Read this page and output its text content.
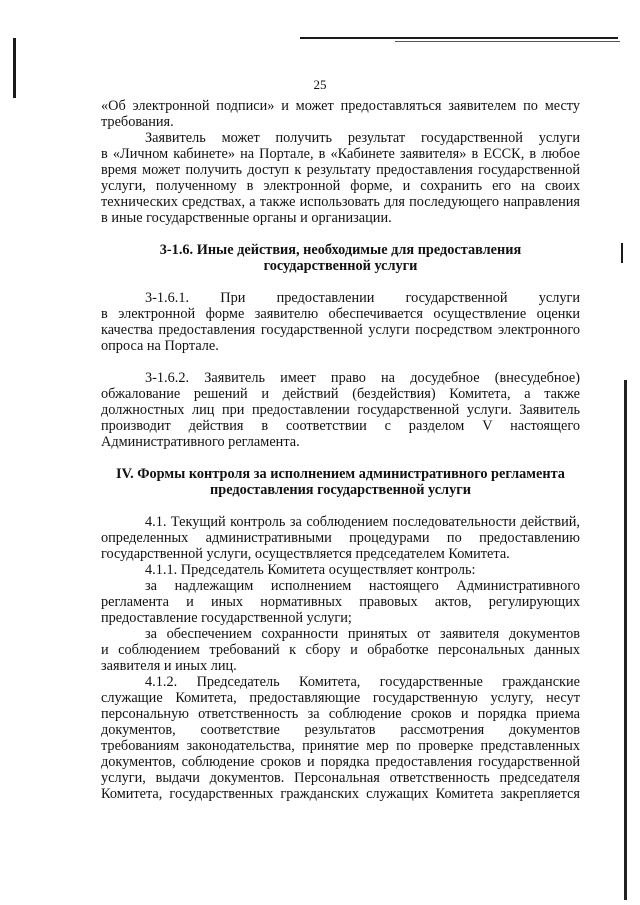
25

«Об электронной подписи» и может предоставляться заявителем по месту
требования.

Заявитель может получить результат государственной услуги
в «Личном кабинете» на Портале, в «Кабинете заявителя» в ЕССК, в любое
время может получить доступ к результату предоставления государственной
услуги, полученному в электронной форме, и сохранить его на своих
технических средствах, а также использовать для последующего направления
в иные государственные органы и организации.

3-1.6. Иные действия, необходимые для предоставления
государственной услуги

3-1.6.1. При предоставлении государственной услуги
в электронной форме заявителю обеспечивается осуществление оценки
качества предоставления государственной услуги посредством электронного
опроса на Портале.

3-1.6.2. Заявитель имеет право на досудебное (внесудебное)
обжалование решений и действий (бездействия) Комитета, а также
должностных лиц при предоставлении государственной услуги. Заявитель
производит действия в соответствии с разделом V настоящего
Административного регламента.

IV. Формы контроля за исполнением административного регламента
предоставления государственной услуги

4.1. Текущий контроль за соблюдением последовательности действий,
определенных административными процедурами по предоставлению
государственной услуги, осуществляется председателем Комитета.

4.1.1. Председатель Комитета осуществляет контроль:

за надлежащим исполнением настоящего Административного
регламента и иных нормативных правовых актов, регулирующих
предоставление государственной услуги;

за обеспечением сохранности принятых от заявителя документов
и соблюдением требований к сбору и обработке персональных данных
заявителя и иных лиц.

4.1.2. Председатель Комитета, государственные гражданские
служащие Комитета, предоставляющие государственную услугу, несут
персональную ответственность за соблюдение сроков и порядка приема
документов, соответствие результатов рассмотрения документов
требованиям законодательства, принятие мер по проверке представленных
документов, соблюдение сроков и порядка предоставления государственной
услуги, выдачи документов. Персональная ответственность председателя
Комитета, государственных гражданских служащих Комитета закрепляется
